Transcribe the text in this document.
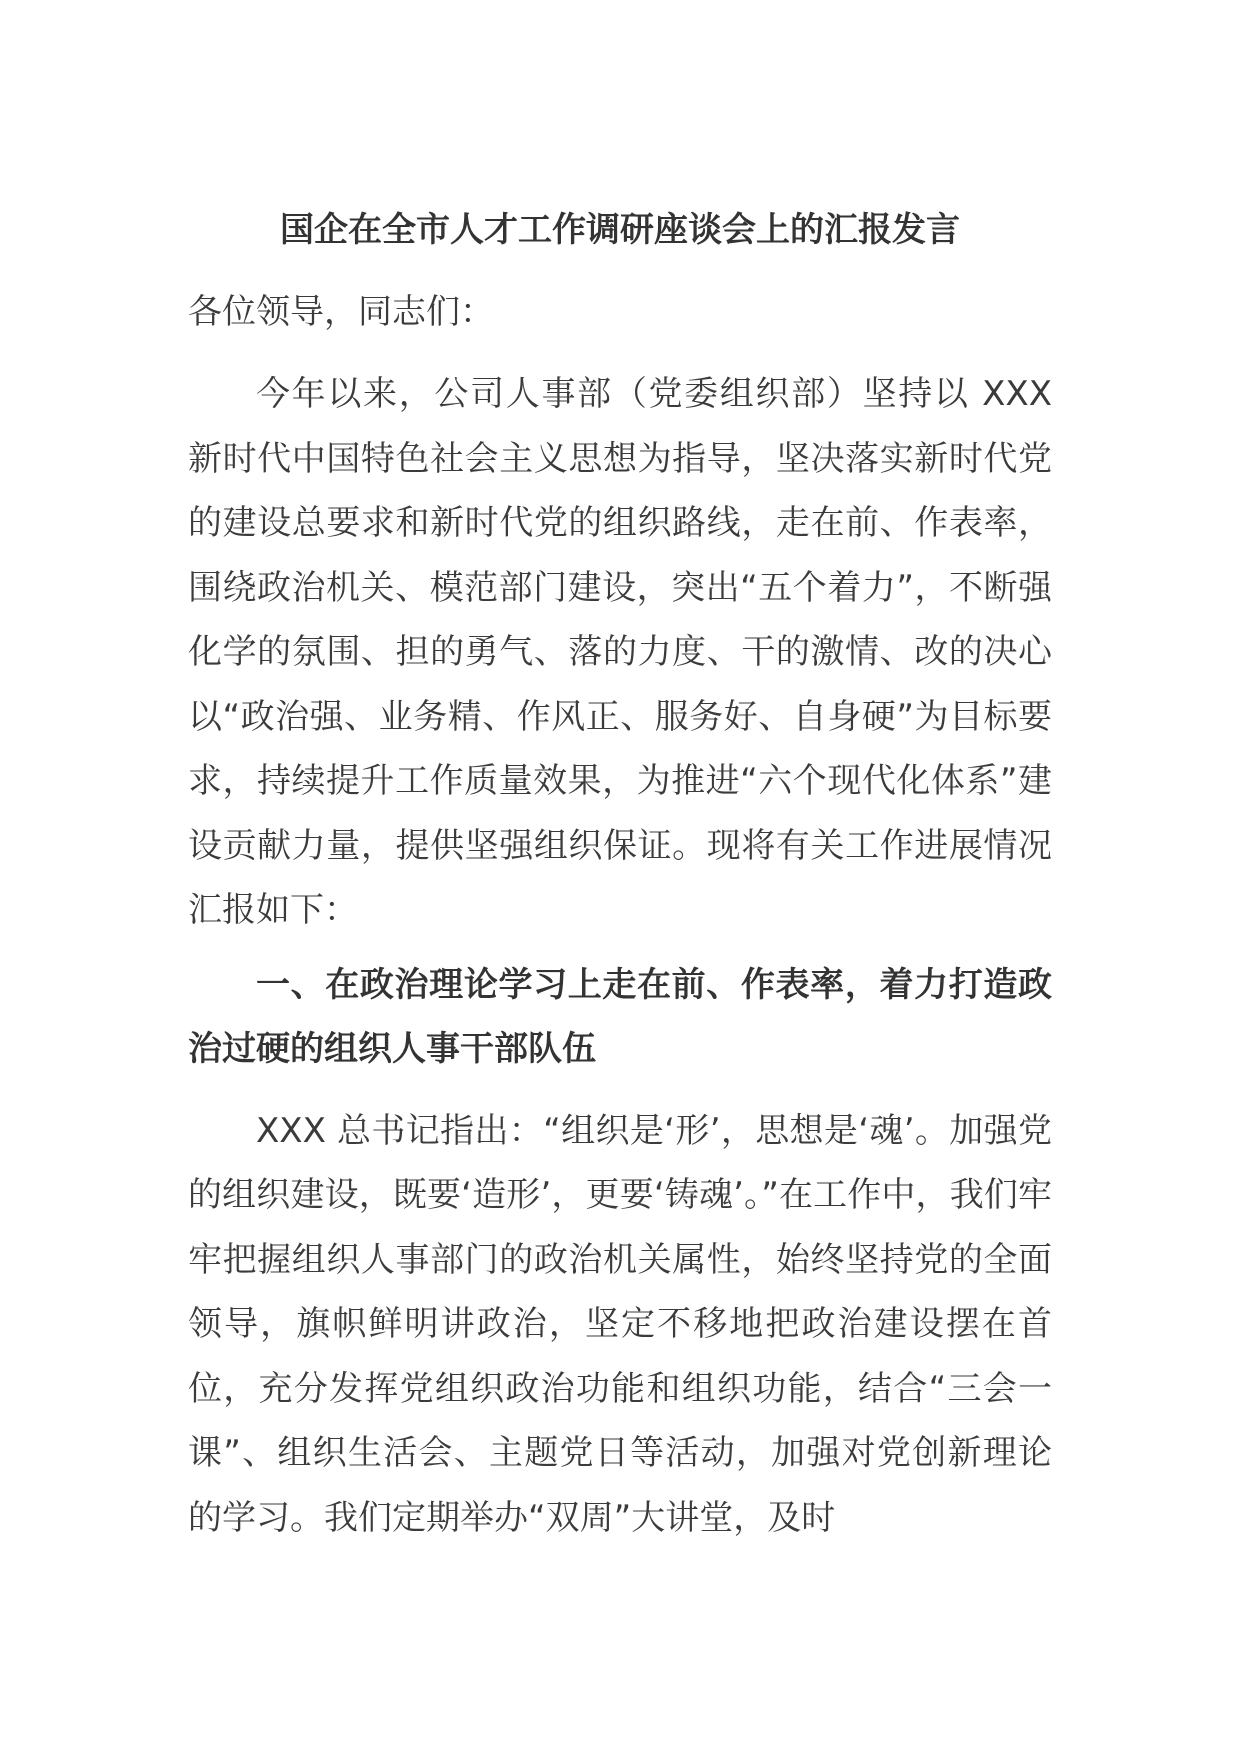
国企在全市人才工作调研座谈会上的汇报发言

各位领导，同志们：

今年以来，公司人事部（党委组织部）坚持以 XXX 新时代中国特色社会主义思想为指导，坚决落实新时代党的建设总要求和新时代党的组织路线，走在前、作表率，围绕政治机关、模范部门建设，突出“五个着力”，不断强化学的氛围、担的勇气、落的力度、干的激情、改的决心以“政治强、业务精、作风正、服务好、自身硬”为目标要求，持续提升工作质量效果，为推进“六个现代化体系”建设贡献力量，提供坚强组织保证。现将有关工作进展情况汇报如下：

一、在政治理论学习上走在前、作表率，着力打造政治过硬的组织人事干部队伍

XXX 总书记指出：“组织是‘形’，思想是‘魂’。加强党的组织建设，既要‘造形’，更要‘铸魂’。”在工作中，我们牢牢把握组织人事部门的政治机关属性，始终坚持党的全面领导，旗帜鲜明讲政治，坚定不移地把政治建设摆在首位，充分发挥党组织政治功能和组织功能，结合“三会一课”、组织生活会、主题党日等活动，加强对党创新理论的学习。我们定期举办“双周”大讲堂，及时
